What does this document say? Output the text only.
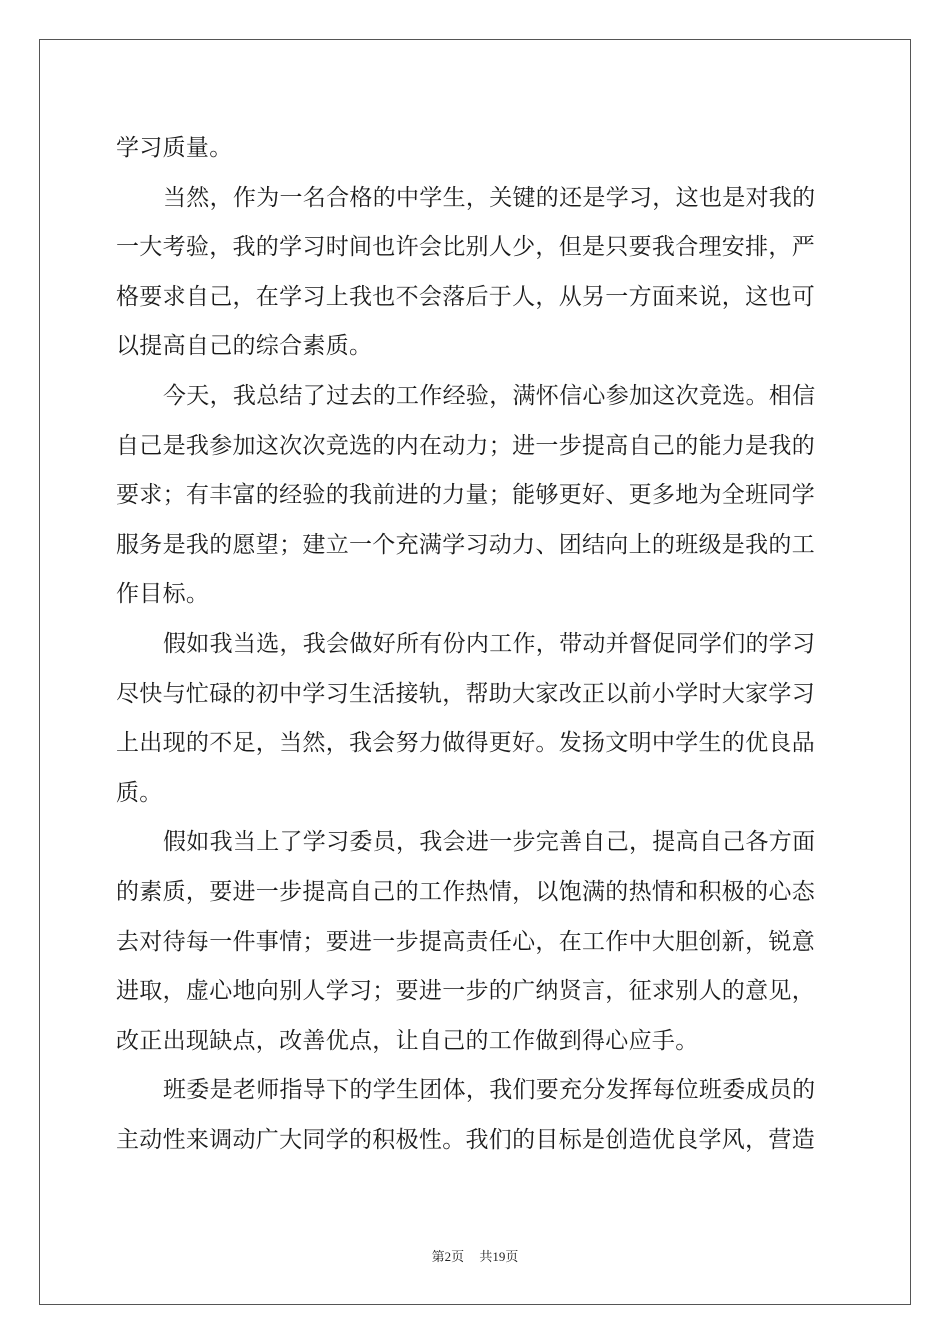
学习质量。
当然，作为一名合格的中学生，关键的还是学习，这也是对我的
一大考验，我的学习时间也许会比别人少，但是只要我合理安排，严
格要求自己，在学习上我也不会落后于人，从另一方面来说，这也可
以提高自己的综合素质。
今天，我总结了过去的工作经验，满怀信心参加这次竞选。相信
自己是我参加这次次竞选的内在动力；进一步提高自己的能力是我的
要求；有丰富的经验的我前进的力量；能够更好、更多地为全班同学
服务是我的愿望；建立一个充满学习动力、团结向上的班级是我的工
作目标。
假如我当选，我会做好所有份内工作，带动并督促同学们的学习
尽快与忙碌的初中学习生活接轨，帮助大家改正以前小学时大家学习
上出现的不足，当然，我会努力做得更好。发扬文明中学生的优良品
质。
假如我当上了学习委员，我会进一步完善自己，提高自己各方面
的素质，要进一步提高自己的工作热情，以饱满的热情和积极的心态
去对待每一件事情；要进一步提高责任心，在工作中大胆创新，锐意
进取，虚心地向别人学习；要进一步的广纳贤言，征求别人的意见，
改正出现缺点，改善优点，让自己的工作做到得心应手。
班委是老师指导下的学生团体，我们要充分发挥每位班委成员的
主动性来调动广大同学的积极性。我们的目标是创造优良学风，营造
第2页 共19页
